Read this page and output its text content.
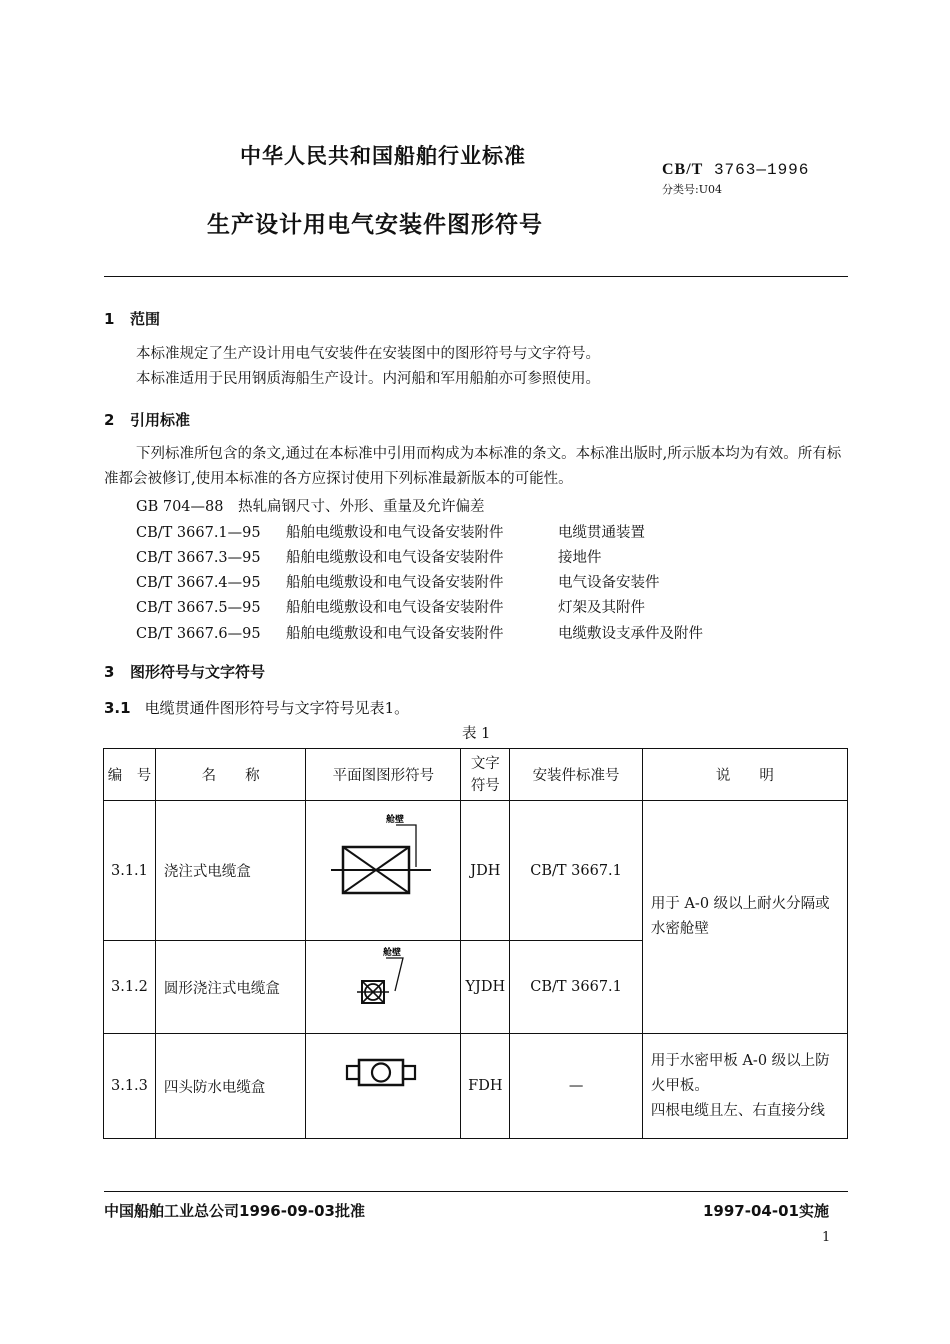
中华人民共和国船舶行业标准
CB/T 3763—1996
分类号:U04
生产设计用电气安装件图形符号
1 范围
本标准规定了生产设计用电气安装件在安装图中的图形符号与文字符号。
本标准适用于民用钢质海船生产设计。内河船和军用船舶亦可参照使用。
2 引用标准
下列标准所包含的条文,通过在本标准中引用而构成为本标准的条文。本标准出版时,所示版本均为有效。所有标准都会被修订,使用本标准的各方应探讨使用下列标准最新版本的可能性。
GB 704—88　热轧扁钢尺寸、外形、重量及允许偏差
CB/T 3667.1—95 船舶电缆敷设和电气设备安装附件	电缆贯通装置
CB/T 3667.3—95 船舶电缆敷设和电气设备安装附件	接地件
CB/T 3667.4—95 船舶电缆敷设和电气设备安装附件	电气设备安装件
CB/T 3667.5—95 船舶电缆敷设和电气设备安装附件	灯架及其附件
CB/T 3667.6—95 船舶电缆敷设和电气设备安装附件	电缆敷设支承件及附件
3 图形符号与文字符号
3.1 电缆贯通件图形符号与文字符号见表1。
表 1
编　号	名　　称	平面图图形符号	文字
符号	安装件标准号	说　　明
3.1.1	浇注式电缆盒	舱壁	JDH	CB/T 3667.1	用于 A-0 级以上耐火分隔或水密舱壁
3.1.2	圆形浇注式电缆盒	舱壁	YJDH	CB/T 3667.1	
3.1.3	四头防水电缆盒		FDH	—	用于水密甲板 A-0 级以上防火甲板。
四根电缆且左、右直接分线
中国船舶工业总公司1996-09-03批准	1997-04-01实施
1
